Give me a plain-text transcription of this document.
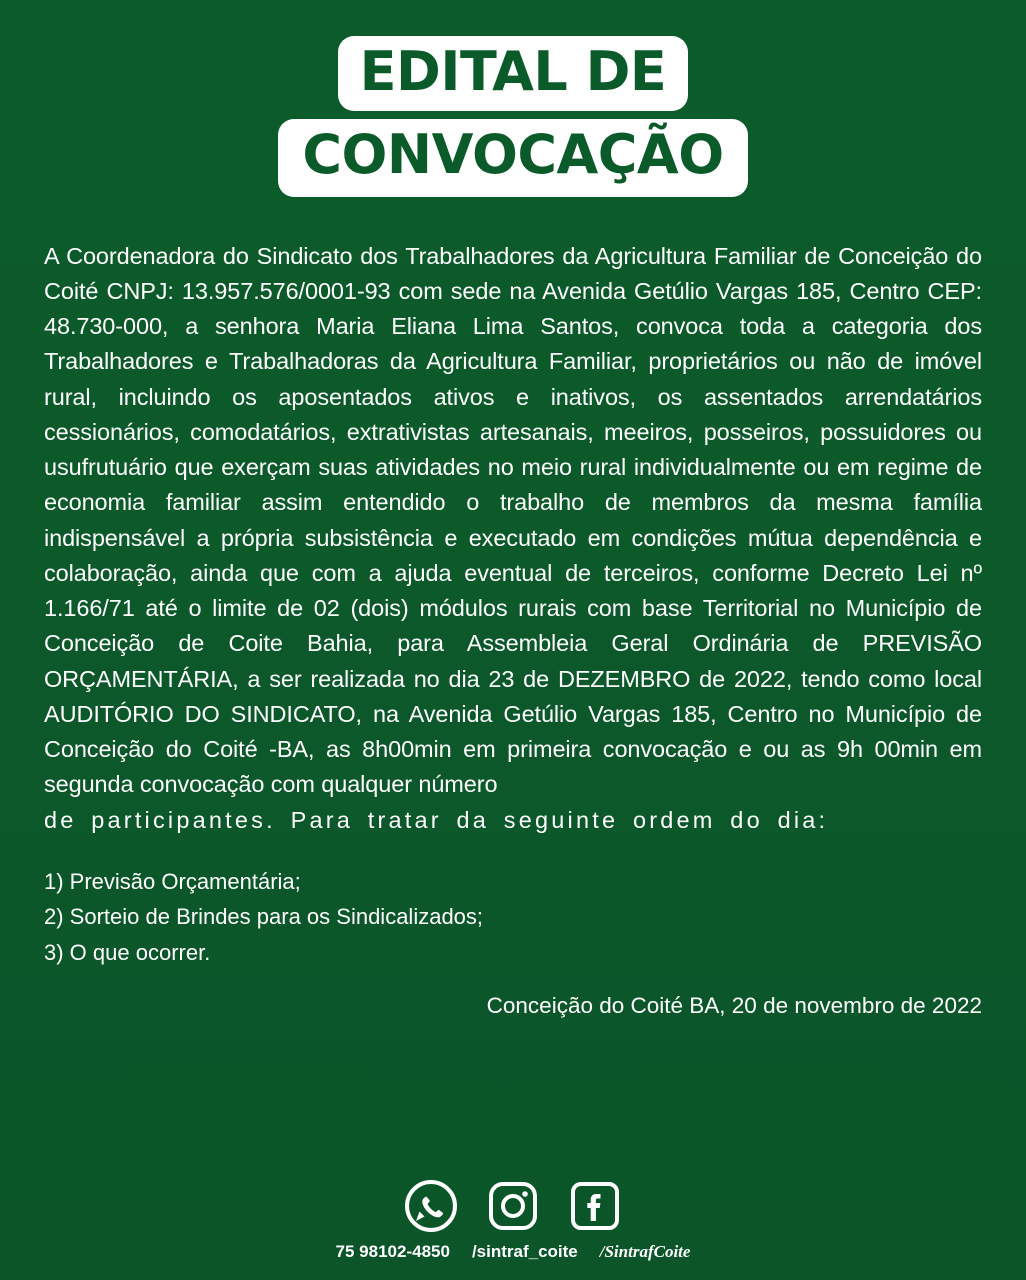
EDITAL DE
CONVOCAÇÃO
A Coordenadora do Sindicato dos Trabalhadores da Agricultura Familiar de Conceição do Coité CNPJ: 13.957.576/0001-93 com sede na Avenida Getúlio Vargas 185, Centro CEP: 48.730-000, a senhora Maria Eliana Lima Santos, convoca toda a categoria dos Trabalhadores e Trabalhadoras da Agricultura Familiar, proprietários ou não de imóvel rural, incluindo os aposentados ativos e inativos, os assentados arrendatários cessionários, comodatários, extrativistas artesanais, meeiros, posseiros, possuidores ou usufrutuário que exerçam suas atividades no meio rural individualmente ou em regime de economia familiar assim entendido o trabalho de membros da mesma família indispensável a própria subsistência e executado em condições mútua dependência e colaboração, ainda que com a ajuda eventual de terceiros, conforme Decreto Lei nº 1.166/71 até o limite de 02 (dois) módulos rurais com base Territorial no Município de Conceição de Coite Bahia, para Assembleia Geral Ordinária de PREVISÃO ORÇAMENTÁRIA, a ser realizada no dia 23 de DEZEMBRO de 2022, tendo como local AUDITÓRIO DO SINDICATO, na Avenida Getúlio Vargas 185, Centro no Município de Conceição do Coité -BA, as 8h00min em primeira convocação e ou as 9h 00min em segunda convocação com qualquer número
de participantes. Para tratar da seguinte ordem do dia:
1) Previsão Orçamentária;
2) Sorteio de Brindes para os Sindicalizados;
3) O que ocorrer.
Conceição do Coité BA, 20 de novembro de 2022
75 98102-4850 /sintraf_coite /SintrafCoite
